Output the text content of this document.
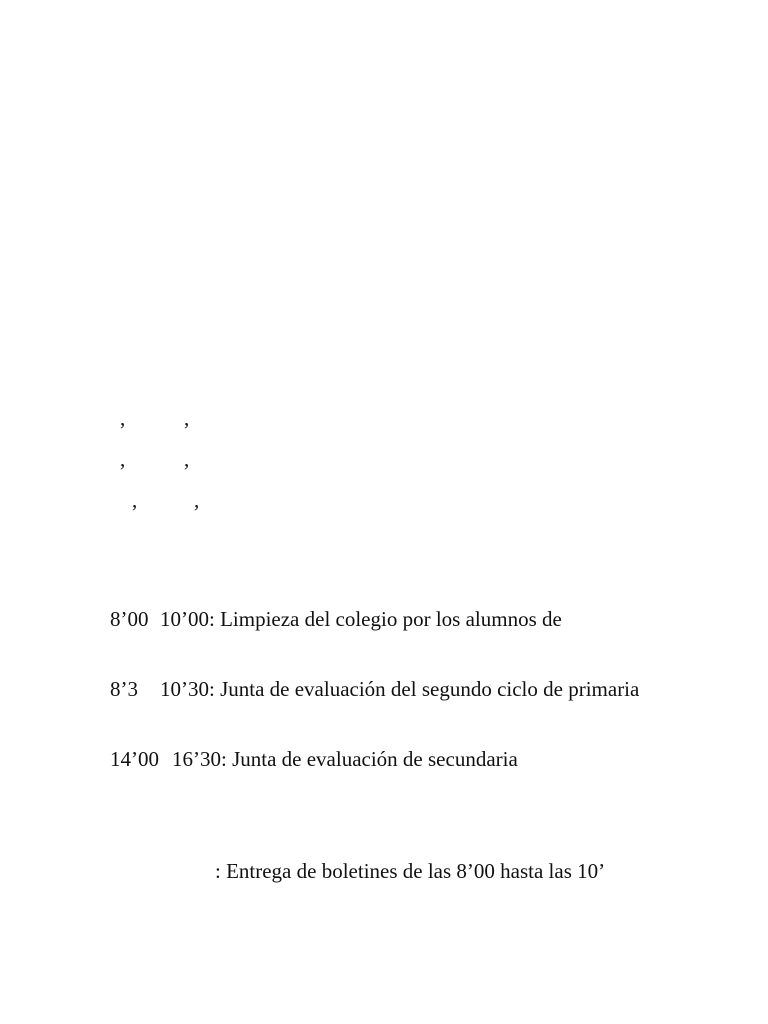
,	,
,	,
,	,
8’00 10’00: Limpieza del colegio por los alumnos de
8’3 10’30: Junta de evaluación del segundo ciclo de primaria
14’00 16’30: Junta de evaluación de secundaria
: Entrega de boletines de las 8’00 hasta las 10’
